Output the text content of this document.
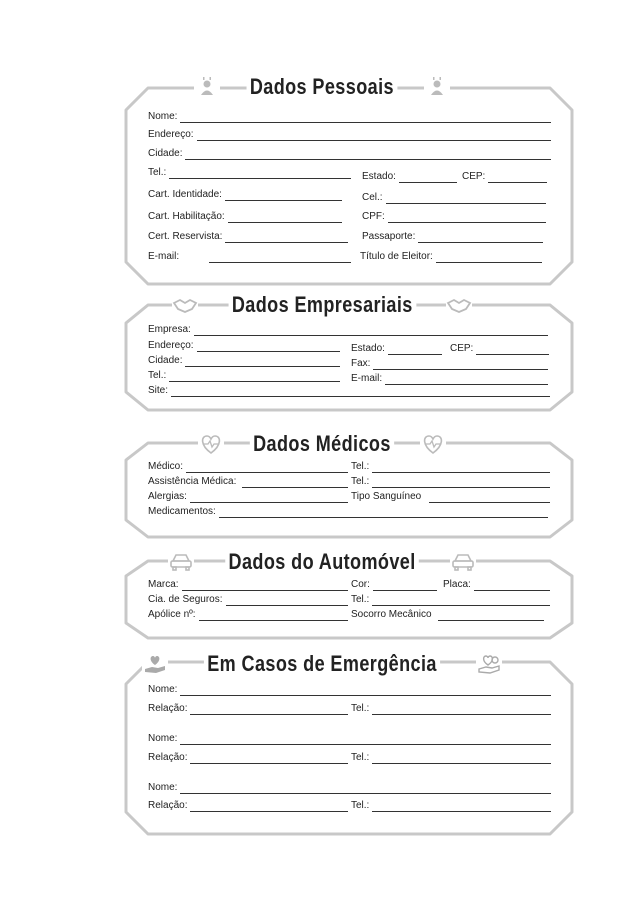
Dados Pessoais
Dados Empresariais
Dados Médicos
Dados do Automóvel
Em Casos de Emergência
Nome:
Endereço:
Cidade:
Tel.:	Estado:	CEP:
Cart. Identidade:	Cel.:
Cart. Habilitação:	CPF:
Cert. Reservista:	Passaporte:
E-mail:	Título de Eleitor:
Empresa:
Endereço:	Estado:	CEP:
Cidade:	Fax:
Tel.:	E-mail:
Site:
Médico:	Tel.:
Assistência Médica:	Tel.:
Alergias:	Tipo Sanguíneo
Medicamentos:
Marca:	Cor:	Placa:
Cia. de Seguros:	Tel.:
Apólice nº:	Socorro Mecânico
Nome:
Relação:	Tel.:
Nome:
Relação:	Tel.:
Nome:
Relação:	Tel.:
